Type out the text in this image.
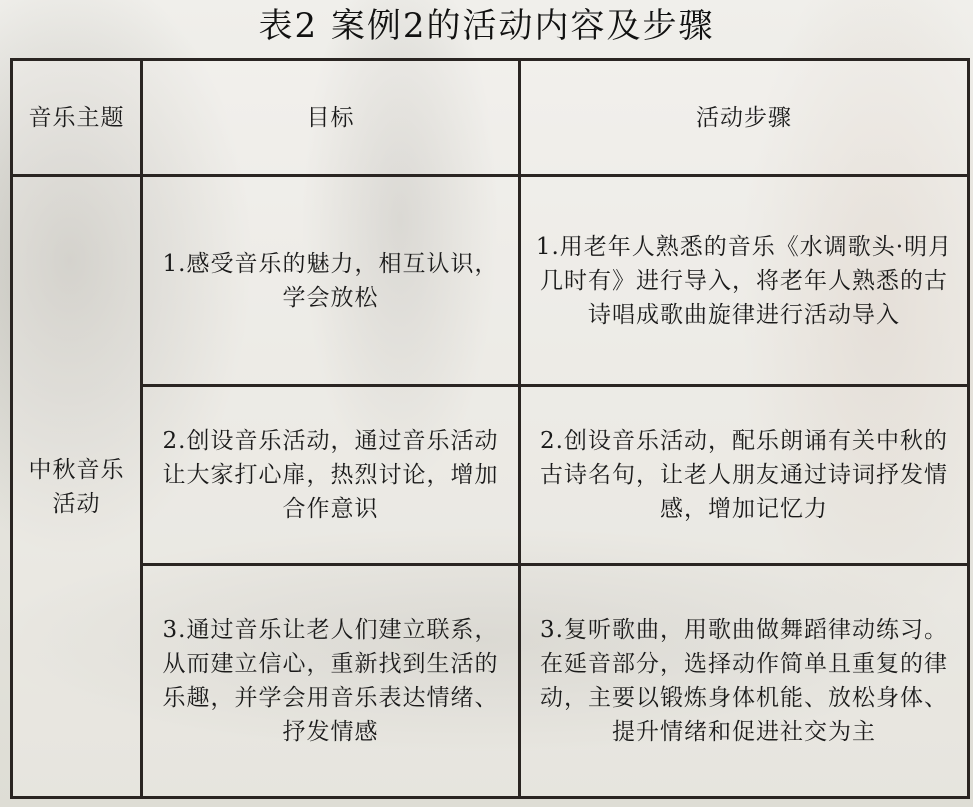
表2 案例2的活动内容及步骤
音乐主题	目标	活动步骤
中秋音乐活动	1.感受音乐的魅力，相互认识，学会放松	1.用老年人熟悉的音乐《水调歌头·明月几时有》进行导入，将老年人熟悉的古诗唱成歌曲旋律进行活动导入
	2.创设音乐活动，通过音乐活动让大家打心扉，热烈讨论，增加合作意识	2.创设音乐活动，配乐朗诵有关中秋的古诗名句，让老人朋友通过诗词抒发情感，增加记忆力
	3.通过音乐让老人们建立联系，从而建立信心，重新找到生活的乐趣，并学会用音乐表达情绪、抒发情感	3.复听歌曲，用歌曲做舞蹈律动练习。在延音部分，选择动作简单且重复的律动，主要以锻炼身体机能、放松身体、提升情绪和促进社交为主
